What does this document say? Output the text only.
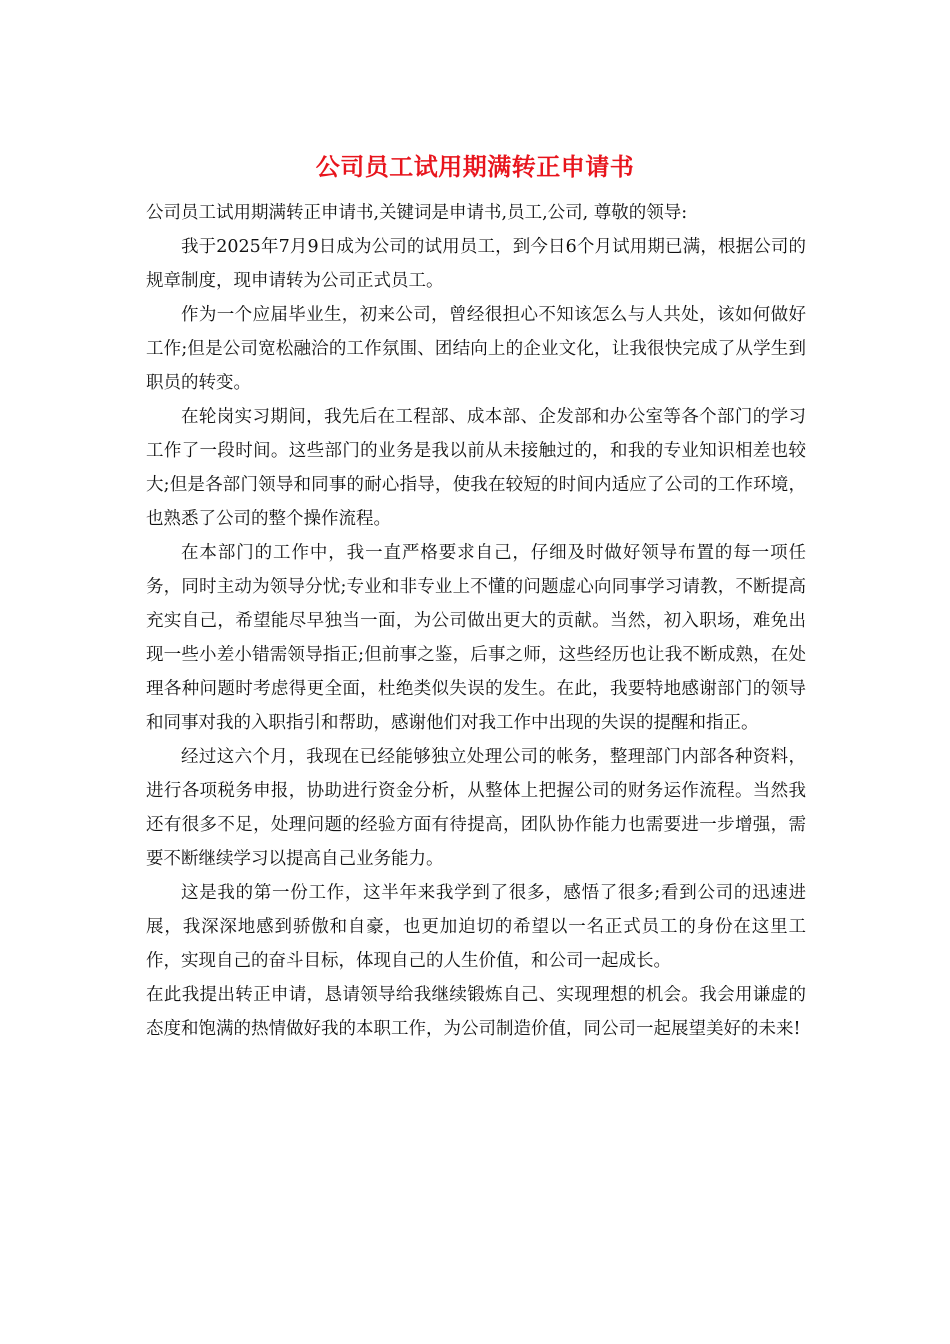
公司员工试用期满转正申请书

公司员工试用期满转正申请书,关键词是申请书,员工,公司, 尊敬的领导:

我于2025年7月9日成为公司的试用员工，到今日6个月试用期已满，根据公司的规章制度，现申请转为公司正式员工。

作为一个应届毕业生，初来公司，曾经很担心不知该怎么与人共处，该如何做好工作;但是公司宽松融洽的工作氛围、团结向上的企业文化，让我很快完成了从学生到职员的转变。

在轮岗实习期间，我先后在工程部、成本部、企发部和办公室等各个部门的学习工作了一段时间。这些部门的业务是我以前从未接触过的，和我的专业知识相差也较大;但是各部门领导和同事的耐心指导，使我在较短的时间内适应了公司的工作环境，也熟悉了公司的整个操作流程。

在本部门的工作中，我一直严格要求自己，仔细及时做好领导布置的每一项任务，同时主动为领导分忧;专业和非专业上不懂的问题虚心向同事学习请教，不断提高充实自己，希望能尽早独当一面，为公司做出更大的贡献。当然，初入职场，难免出现一些小差小错需领导指正;但前事之鉴，后事之师，这些经历也让我不断成熟，在处理各种问题时考虑得更全面，杜绝类似失误的发生。在此，我要特地感谢部门的领导和同事对我的入职指引和帮助，感谢他们对我工作中出现的失误的提醒和指正。

经过这六个月，我现在已经能够独立处理公司的帐务，整理部门内部各种资料，进行各项税务申报，协助进行资金分析，从整体上把握公司的财务运作流程。当然我还有很多不足，处理问题的经验方面有待提高，团队协作能力也需要进一步增强，需要不断继续学习以提高自己业务能力。

这是我的第一份工作，这半年来我学到了很多，感悟了很多;看到公司的迅速进展，我深深地感到骄傲和自豪，也更加迫切的希望以一名正式员工的身份在这里工作，实现自己的奋斗目标，体现自己的人生价值，和公司一起成长。

在此我提出转正申请，恳请领导给我继续锻炼自己、实现理想的机会。我会用谦虚的态度和饱满的热情做好我的本职工作，为公司制造价值，同公司一起展望美好的未来!
